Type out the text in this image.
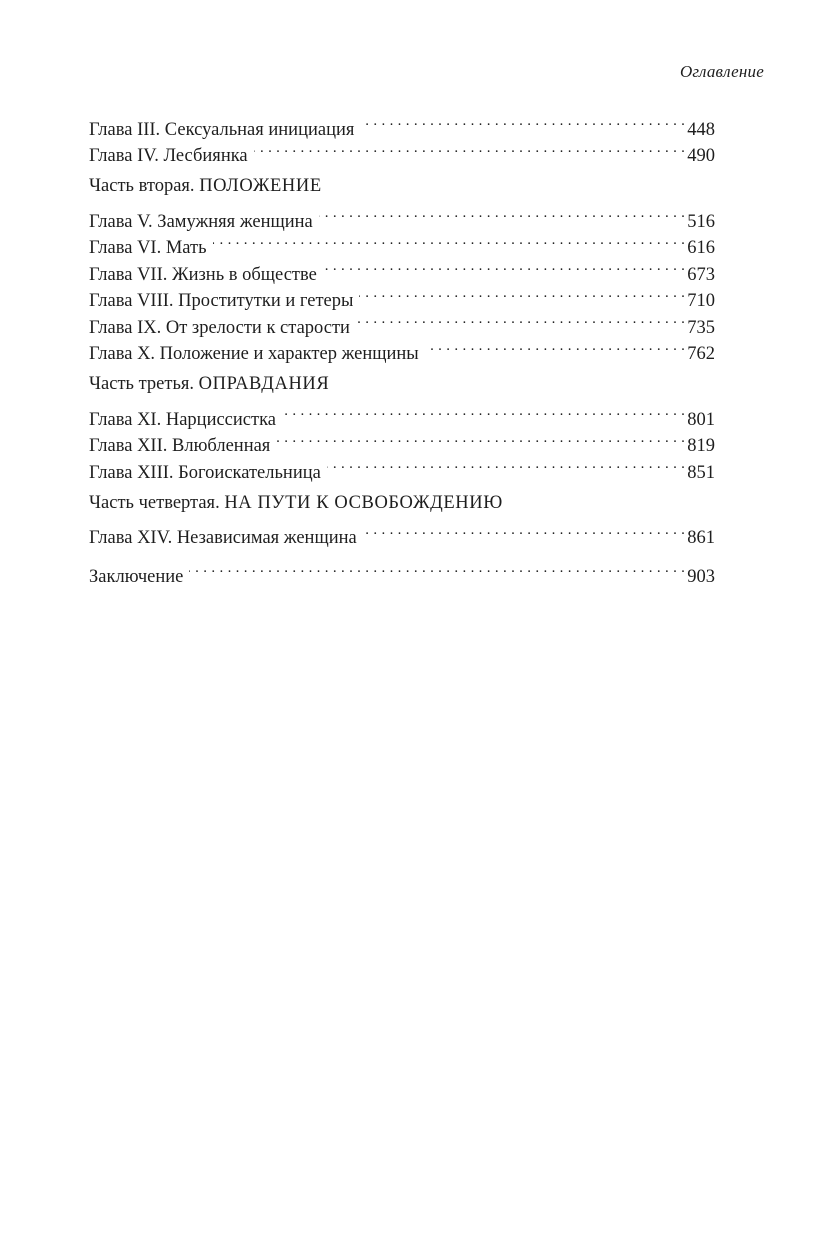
Оглавление
Глава III. Сексуальная инициация . . .	448
Глава IV. Лесбиянка . . .	490
Часть вторая. ПОЛОЖЕНИЕ
Глава V. Замужняя женщина . . .	516
Глава VI. Мать . . .	616
Глава VII. Жизнь в обществе . . .	673
Глава VIII. Проститутки и гетеры . . .	710
Глава IX. От зрелости к старости . . .	735
Глава X. Положение и характер женщины . . .	762
Часть третья. ОПРАВДАНИЯ
Глава XI. Нарциссистка . . .	801
Глава XII. Влюбленная . . .	819
Глава XIII. Богоискательница . . .	851
Часть четвертая. НА ПУТИ К ОСВОБОЖДЕНИЮ
Глава XIV. Независимая женщина . . .	861
Заключение . . .	903
